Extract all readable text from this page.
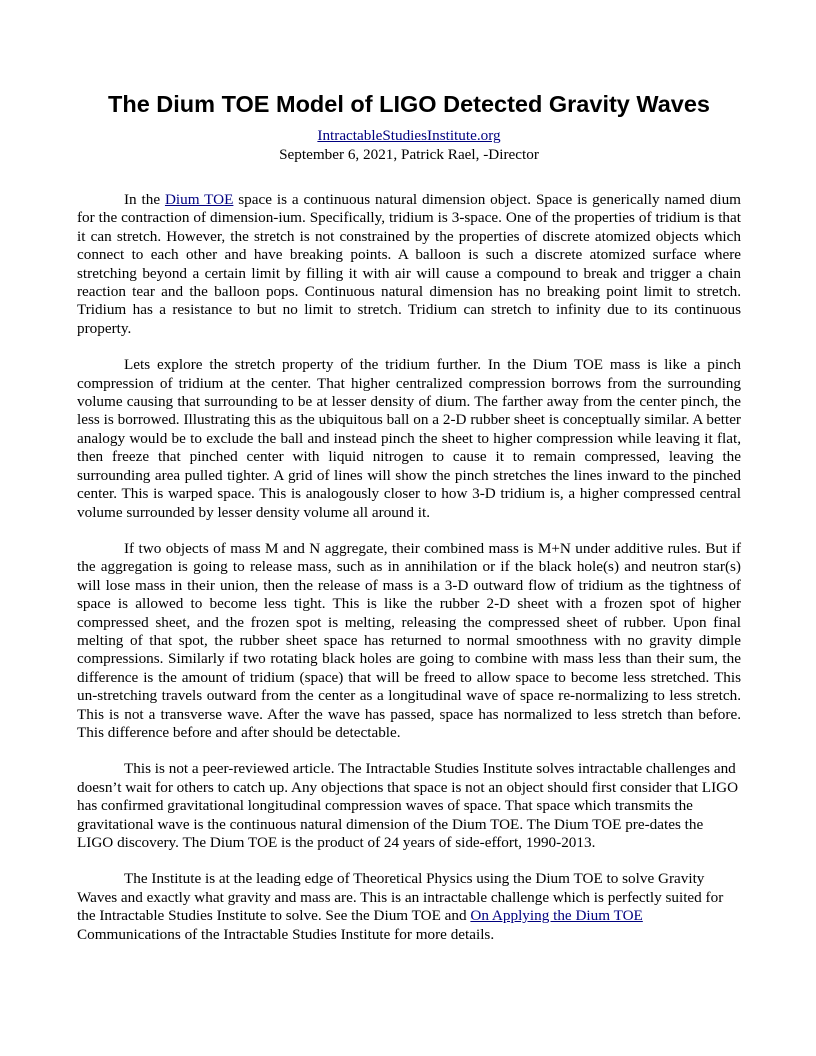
The Dium TOE Model of LIGO Detected Gravity Waves
IntractableStudiesInstitute.org
September 6, 2021, Patrick Rael, -Director

In the Dium TOE space is a continuous natural dimension object. Space is generically named dium for the contraction of dimension-ium. Specifically, tridium is 3-space. One of the properties of tridium is that it can stretch. However, the stretch is not constrained by the properties of discrete atomized objects which connect to each other and have breaking points. A balloon is such a discrete atomized surface where stretching beyond a certain limit by filling it with air will cause a compound to break and trigger a chain reaction tear and the balloon pops. Continuous natural dimension has no breaking point limit to stretch. Tridium has a resistance to but no limit to stretch. Tridium can stretch to infinity due to its continuous property.

Lets explore the stretch property of the tridium further. In the Dium TOE mass is like a pinch compression of tridium at the center. That higher centralized compression borrows from the surrounding volume causing that surrounding to be at lesser density of dium. The farther away from the center pinch, the less is borrowed. Illustrating this as the ubiquitous ball on a 2-D rubber sheet is conceptually similar. A better analogy would be to exclude the ball and instead pinch the sheet to higher compression while leaving it flat, then freeze that pinched center with liquid nitrogen to cause it to remain compressed, leaving the surrounding area pulled tighter. A grid of lines will show the pinch stretches the lines inward to the pinched center. This is warped space. This is analogously closer to how 3-D tridium is, a higher compressed central volume surrounded by lesser density volume all around it.

If two objects of mass M and N aggregate, their combined mass is M+N under additive rules. But if the aggregation is going to release mass, such as in annihilation or if the black hole(s) and neutron star(s) will lose mass in their union, then the release of mass is a 3-D outward flow of tridium as the tightness of space is allowed to become less tight. This is like the rubber 2-D sheet with a frozen spot of higher compressed sheet, and the frozen spot is melting, releasing the compressed sheet of rubber. Upon final melting of that spot, the rubber sheet space has returned to normal smoothness with no gravity dimple compressions. Similarly if two rotating black holes are going to combine with mass less than their sum, the difference is the amount of tridium (space) that will be freed to allow space to become less stretched. This un-stretching travels outward from the center as a longitudinal wave of space re-normalizing to less stretch. This is not a transverse wave. After the wave has passed, space has normalized to less stretch than before. This difference before and after should be detectable.

This is not a peer-reviewed article. The Intractable Studies Institute solves intractable challenges and doesn’t wait for others to catch up. Any objections that space is not an object should first consider that LIGO has confirmed gravitational longitudinal compression waves of space. That space which transmits the gravitational wave is the continuous natural dimension of the Dium TOE. The Dium TOE pre-dates the LIGO discovery. The Dium TOE is the product of 24 years of side-effort, 1990-2013.

The Institute is at the leading edge of Theoretical Physics using the Dium TOE to solve Gravity Waves and exactly what gravity and mass are. This is an intractable challenge which is perfectly suited for the Intractable Studies Institute to solve. See the Dium TOE and On Applying the Dium TOE Communications of the Intractable Studies Institute for more details.
